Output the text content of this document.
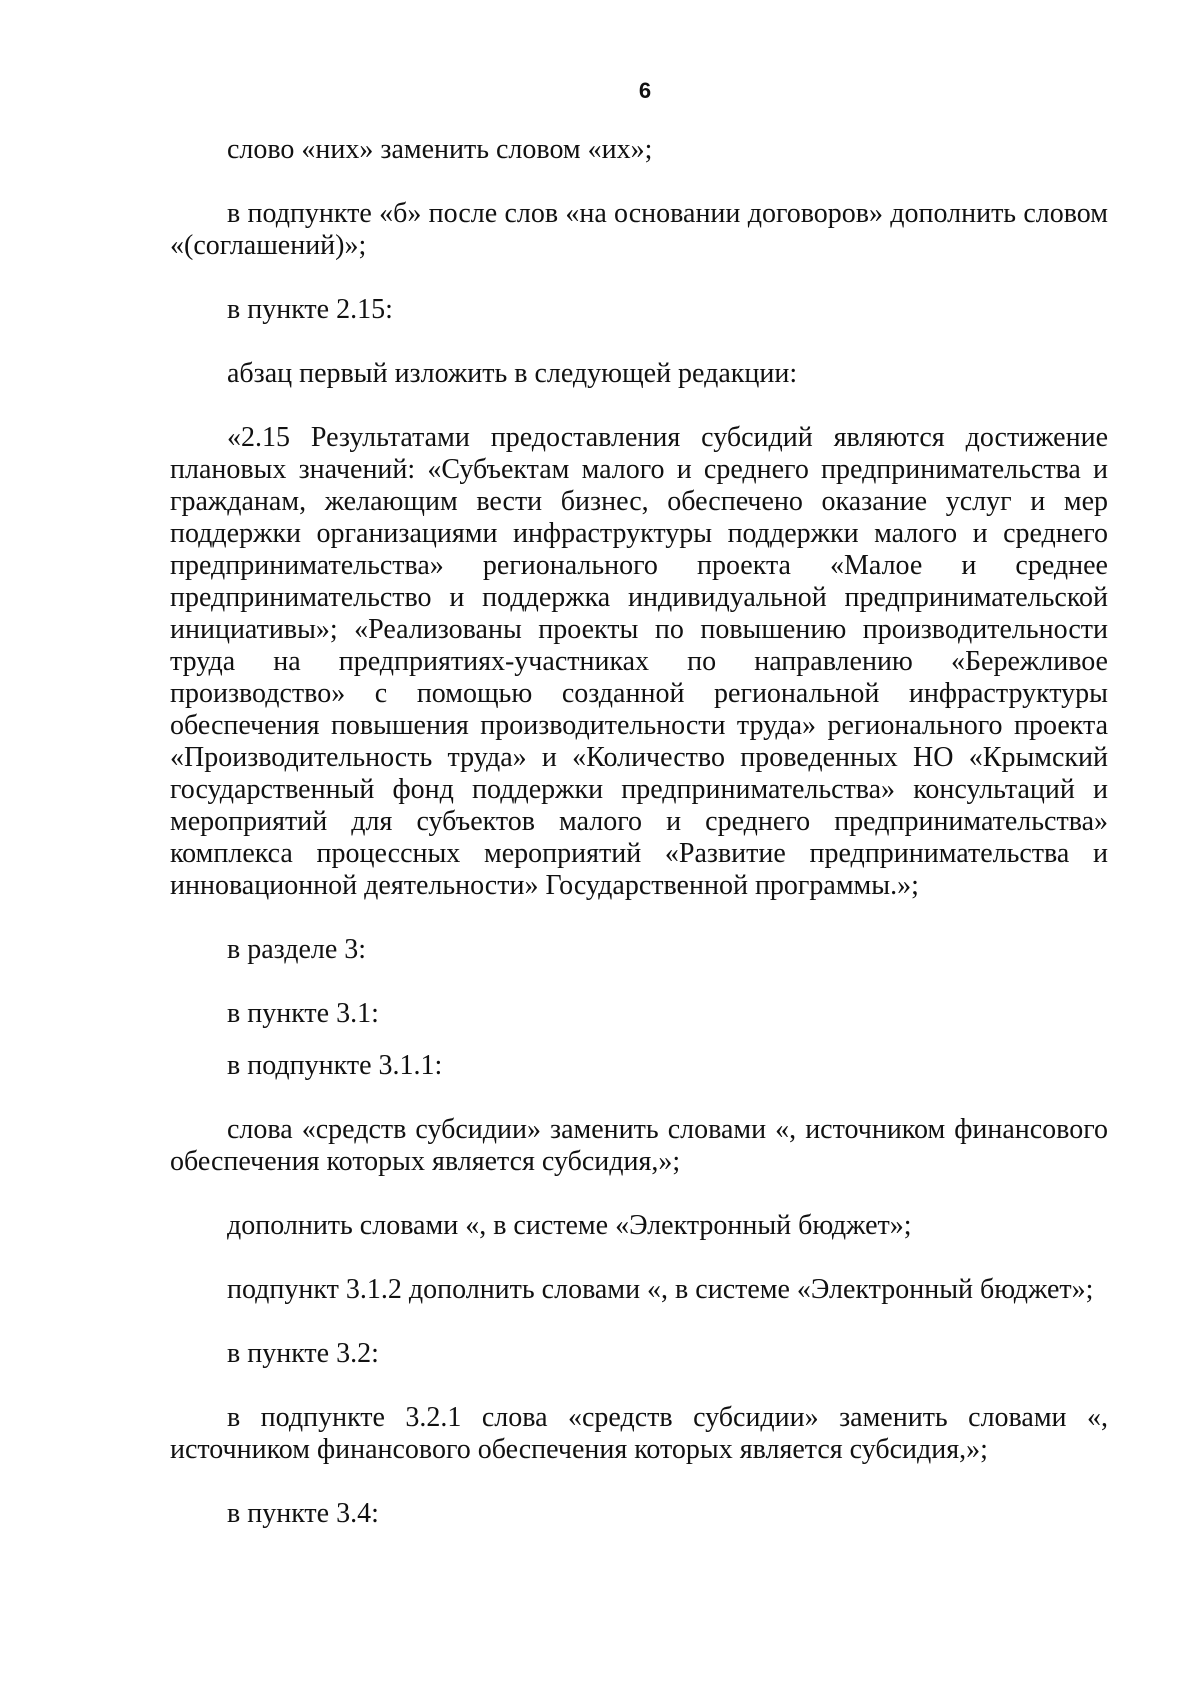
6

слово «них» заменить словом «их»;

в подпункте «б» после слов «на основании договоров» дополнить словом «(соглашений)»;

в пункте 2.15:

абзац первый изложить в следующей редакции:

«2.15 Результатами предоставления субсидий являются достижение плановых значений: «Субъектам малого и среднего предпринимательства и гражданам, желающим вести бизнес, обеспечено оказание услуг и мер поддержки организациями инфраструктуры поддержки малого и среднего предпринимательства» регионального проекта «Малое и среднее предпринимательство и поддержка индивидуальной предпринимательской инициативы»; «Реализованы проекты по повышению производительности труда на предприятиях-участниках по направлению «Бережливое производство» с помощью созданной региональной инфраструктуры обеспечения повышения производительности труда» регионального проекта «Производительность труда» и «Количество проведенных НО «Крымский государственный фонд поддержки предпринимательства» консультаций и мероприятий для субъектов малого и среднего предпринимательства» комплекса процессных мероприятий «Развитие предпринимательства и инновационной деятельности» Государственной программы.»;

в разделе 3:

в пункте 3.1:

в подпункте 3.1.1:

слова «средств субсидии» заменить словами «, источником финансового обеспечения которых является субсидия,»;

дополнить словами «, в системе «Электронный бюджет»;

подпункт 3.1.2 дополнить словами «, в системе «Электронный бюджет»;

в пункте 3.2:

в подпункте 3.2.1 слова «средств субсидии» заменить словами «, источником финансового обеспечения которых является субсидия,»;

в пункте 3.4:
